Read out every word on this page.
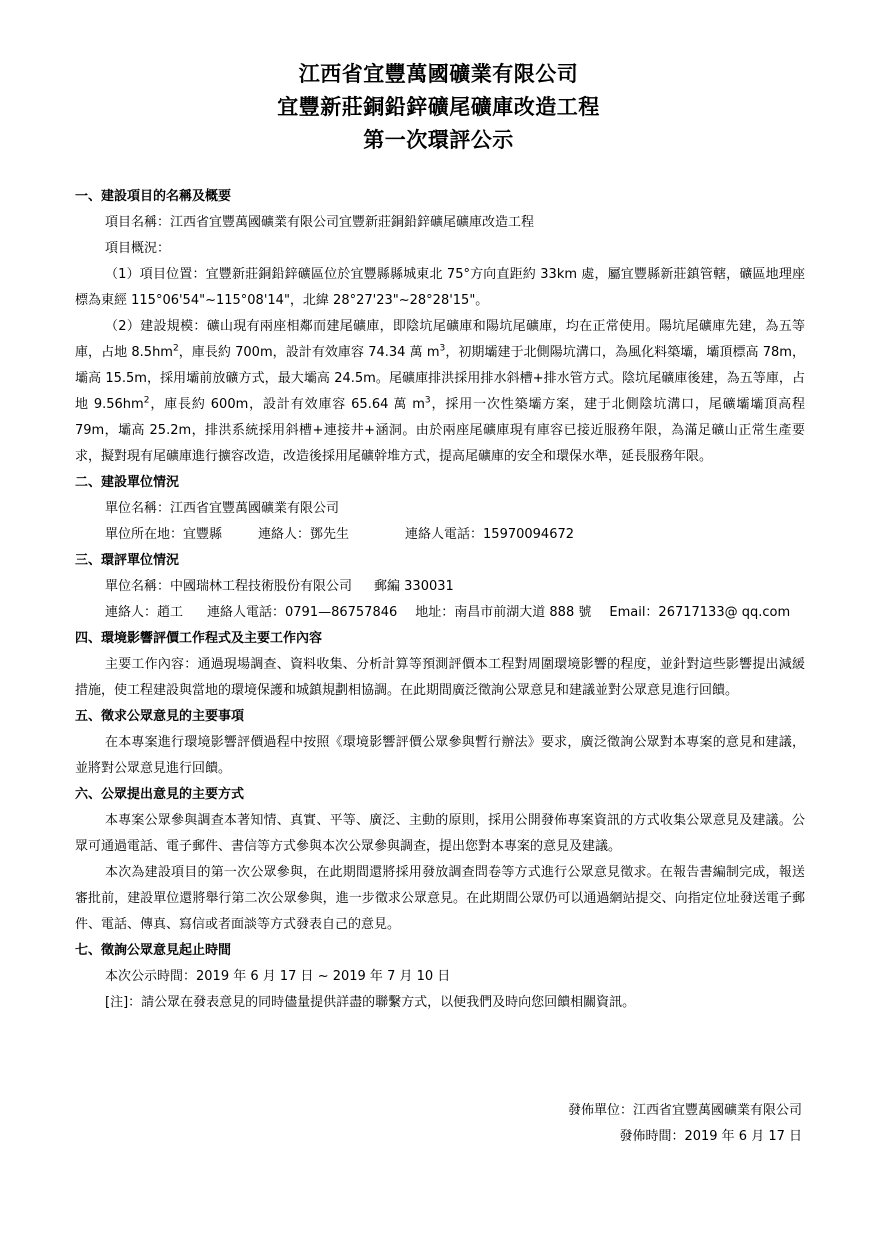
江西省宜豐萬國礦業有限公司
宜豐新莊銅鉛鋅礦尾礦庫改造工程
第一次環評公示

一、建設項目的名稱及概要

項目名稱：江西省宜豐萬國礦業有限公司宜豐新莊銅鉛鋅礦尾礦庫改造工程

項目概況：

（1）項目位置：宜豐新莊銅鉛鋅礦區位於宜豐縣縣城東北 75°方向直距約 33km 處，屬宜豐縣新莊鎮管轄，礦區地理座標為東經 115°06'54"~115°08'14"，北緯 28°27'23"~28°28'15"。

（2）建設規模：礦山現有兩座相鄰而建尾礦庫，即陰坑尾礦庫和陽坑尾礦庫，均在正常使用。陽坑尾礦庫先建，為五等庫，占地 $8.5hm^2$，庫長約 700m，設計有效庫容 74.34 萬 $m^3$，初期壩建于北側陽坑溝口，為風化料築壩，壩頂標高 78m，壩高 15.5m，採用壩前放礦方式，最大壩高 24.5m。尾礦庫排洪採用排水斜槽+排水管方式。陰坑尾礦庫後建，為五等庫，占地 $9.56hm^2$，庫長約 600m，設計有效庫容 65.64 萬 $m^3$，採用一次性築壩方案，建于北側陰坑溝口，尾礦壩壩頂高程 79m，壩高 25.2m，排洪系統採用斜槽+連接井+涵洞。由於兩座尾礦庫現有庫容已接近服務年限，為滿足礦山正常生產要求，擬對現有尾礦庫進行擴容改造，改造後採用尾礦幹堆方式，提高尾礦庫的安全和環保水準，延長服務年限。

二、建設單位情況

單位名稱：江西省宜豐萬國礦業有限公司

單位所在地：宜豐縣	連絡人：鄧先生	連絡人電話：15970094672

三、環評單位情況

單位名稱：中國瑞林工程技術股份有限公司 郵編 330031

連絡人：趙工 連絡人電話：0791—86757846 地址：南昌市前湖大道 888 號 Email：26717133@ qq.com

四、環境影響評價工作程式及主要工作內容

主要工作內容：通過現場調查、資料收集、分析計算等預測評價本工程對周圍環境影響的程度，並針對這些影響提出減緩措施，使工程建設與當地的環境保護和城鎮規劃相協調。在此期間廣泛徵詢公眾意見和建議並對公眾意見進行回饋。

五、徵求公眾意見的主要事項

在本專案進行環境影響評價過程中按照《環境影響評價公眾參與暫行辦法》要求，廣泛徵詢公眾對本專案的意見和建議，並將對公眾意見進行回饋。

六、公眾提出意見的主要方式

本專案公眾參與調查本著知情、真實、平等、廣泛、主動的原則，採用公開發佈專案資訊的方式收集公眾意見及建議。公眾可通過電話、電子郵件、書信等方式參與本次公眾參與調查，提出您對本專案的意見及建議。

本次為建設項目的第一次公眾參與，在此期間還將採用發放調查問卷等方式進行公眾意見徵求。在報告書編制完成，報送審批前，建設單位還將舉行第二次公眾參與，進一步徵求公眾意見。在此期間公眾仍可以通過網站提交、向指定位址發送電子郵件、電話、傳真、寫信或者面談等方式發表自己的意見。

七、徵詢公眾意見起止時間

本次公示時間：2019 年 6 月 17 日 ~ 2019 年 7 月 10 日

[注]：請公眾在發表意見的同時儘量提供詳盡的聯繫方式，以便我們及時向您回饋相關資訊。

發佈單位：江西省宜豐萬國礦業有限公司
發佈時間：2019 年 6 月 17 日
